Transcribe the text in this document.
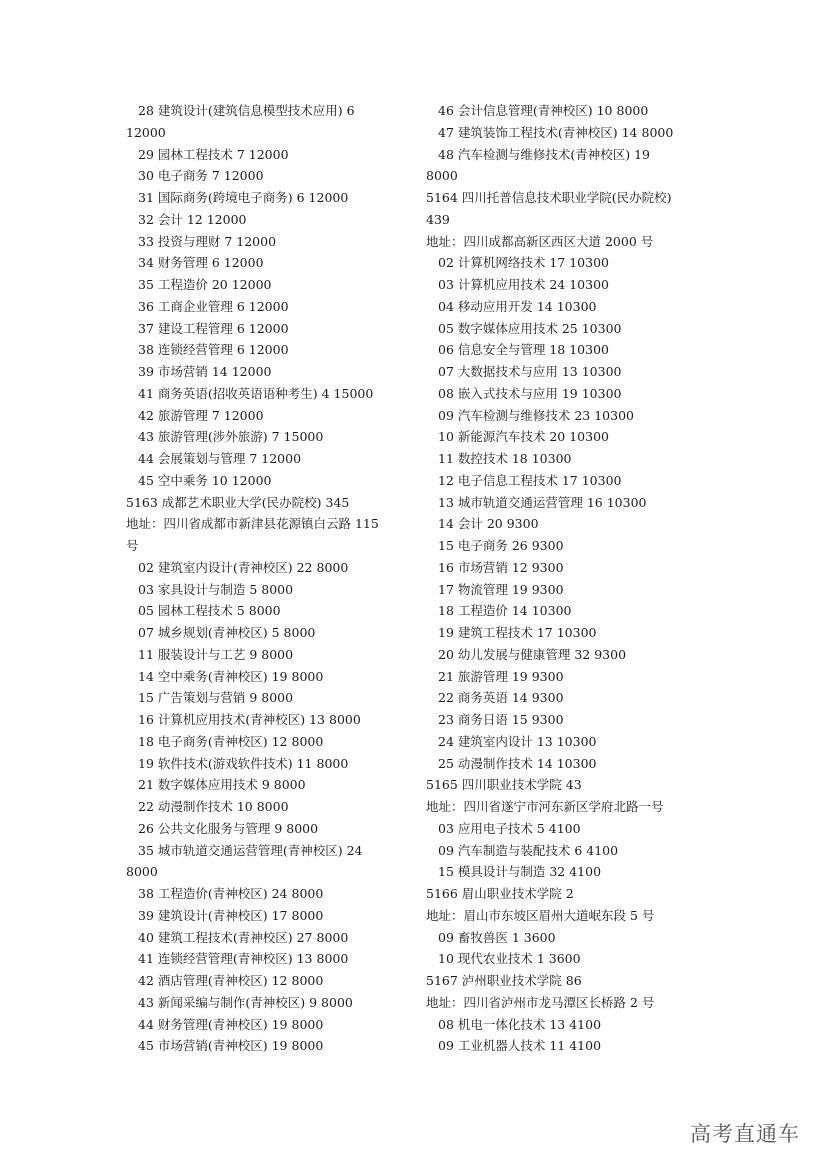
28 建筑设计(建筑信息模型技术应用) 6
12000
29 园林工程技术 7 12000
30 电子商务 7 12000
31 国际商务(跨境电子商务) 6 12000
32 会计 12 12000
33 投资与理财 7 12000
34 财务管理 6 12000
35 工程造价 20 12000
36 工商企业管理 6 12000
37 建设工程管理 6 12000
38 连锁经营管理 6 12000
39 市场营销 14 12000
41 商务英语(招收英语语种考生) 4 15000
42 旅游管理 7 12000
43 旅游管理(涉外旅游) 7 15000
44 会展策划与管理 7 12000
45 空中乘务 10 12000
5163 成都艺术职业大学(民办院校) 345
地址：四川省成都市新津县花源镇白云路 115
号
02 建筑室内设计(青神校区) 22 8000
03 家具设计与制造 5 8000
05 园林工程技术 5 8000
07 城乡规划(青神校区) 5 8000
11 服装设计与工艺 9 8000
14 空中乘务(青神校区) 19 8000
15 广告策划与营销 9 8000
16 计算机应用技术(青神校区) 13 8000
18 电子商务(青神校区) 12 8000
19 软件技术(游戏软件技术) 11 8000
21 数字媒体应用技术 9 8000
22 动漫制作技术 10 8000
26 公共文化服务与管理 9 8000
35 城市轨道交通运营管理(青神校区) 24
8000
38 工程造价(青神校区) 24 8000
39 建筑设计(青神校区) 17 8000
40 建筑工程技术(青神校区) 27 8000
41 连锁经营管理(青神校区) 13 8000
42 酒店管理(青神校区) 12 8000
43 新闻采编与制作(青神校区) 9 8000
44 财务管理(青神校区) 19 8000
45 市场营销(青神校区) 19 8000
46 会计信息管理(青神校区) 10 8000
47 建筑装饰工程技术(青神校区) 14 8000
48 汽车检测与维修技术(青神校区) 19
8000
5164 四川托普信息技术职业学院(民办院校)
439
地址：四川成都高新区西区大道 2000 号
02 计算机网络技术 17 10300
03 计算机应用技术 24 10300
04 移动应用开发 14 10300
05 数字媒体应用技术 25 10300
06 信息安全与管理 18 10300
07 大数据技术与应用 13 10300
08 嵌入式技术与应用 19 10300
09 汽车检测与维修技术 23 10300
10 新能源汽车技术 20 10300
11 数控技术 18 10300
12 电子信息工程技术 17 10300
13 城市轨道交通运营管理 16 10300
14 会计 20 9300
15 电子商务 26 9300
16 市场营销 12 9300
17 物流管理 19 9300
18 工程造价 14 10300
19 建筑工程技术 17 10300
20 幼儿发展与健康管理 32 9300
21 旅游管理 19 9300
22 商务英语 14 9300
23 商务日语 15 9300
24 建筑室内设计 13 10300
25 动漫制作技术 14 10300
5165 四川职业技术学院 43
地址：四川省遂宁市河东新区学府北路一号
03 应用电子技术 5 4100
09 汽车制造与装配技术 6 4100
15 模具设计与制造 32 4100
5166 眉山职业技术学院 2
地址：眉山市东坡区眉州大道岷东段 5 号
09 畜牧兽医 1 3600
10 现代农业技术 1 3600
5167 泸州职业技术学院 86
地址：四川省泸州市龙马潭区长桥路 2 号
08 机电一体化技术 13 4100
09 工业机器人技术 11 4100
高考直通车
